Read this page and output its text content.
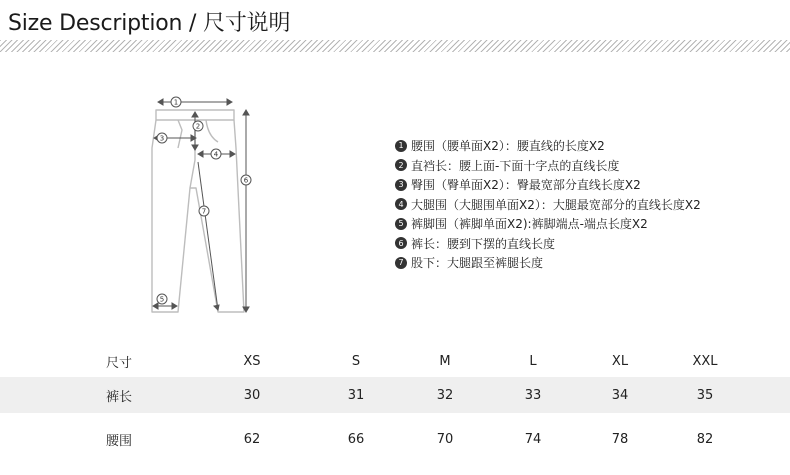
Size Description / 尺寸说明
1
2
3
4
5
6
7
1 腰围（腰单面X2）：腰直线的长度X2
2 直裆长：腰上面-下面十字点的直线长度
3 臀围（臀单面X2）：臀最宽部分直线长度X2
4 大腿围（大腿围单面X2）：大腿最宽部分的直线长度X2
5 裤脚围（裤脚单面X2):裤脚端点-端点长度X2
6 裤长：腰到下摆的直线长度
7 股下：大腿跟至裤腿长度
尺寸	XS	S	M	L	XL	XXL
裤长	30	31	32	33	34	35
腰围	62	66	70	74	78	82
